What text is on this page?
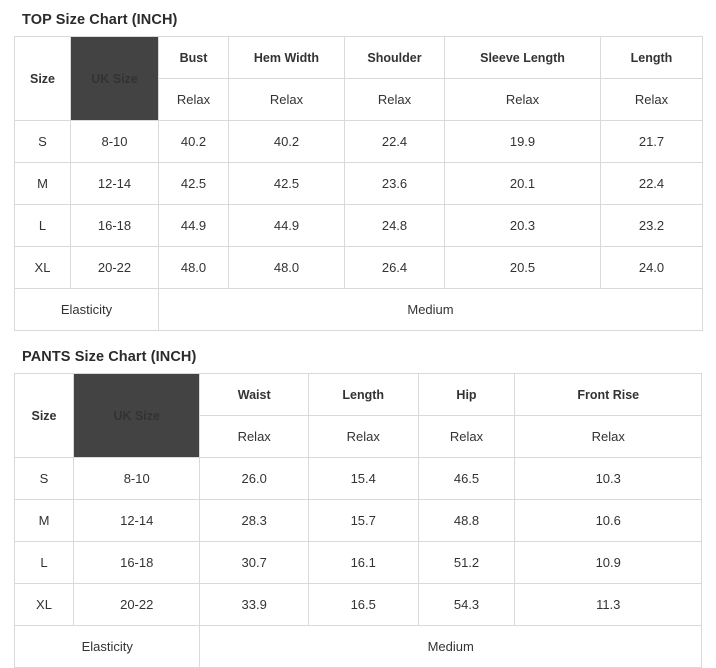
TOP Size Chart (INCH)
Size	UK Size	Bust	Hem Width	Shoulder	Sleeve Length	Length
		Relax	Relax	Relax	Relax	Relax
S	8-10	40.2	40.2	22.4	19.9	21.7
M	12-14	42.5	42.5	23.6	20.1	22.4
L	16-18	44.9	44.9	24.8	20.3	23.2
XL	20-22	48.0	48.0	26.4	20.5	24.0
Elasticity		Medium				
PANTS Size Chart (INCH)
Size	UK Size	Waist	Length	Hip	Front Rise
		Relax	Relax	Relax	Relax
S	8-10	26.0	15.4	46.5	10.3
M	12-14	28.3	15.7	48.8	10.6
L	16-18	30.7	16.1	51.2	10.9
XL	20-22	33.9	16.5	54.3	11.3
Elasticity		Medium			
